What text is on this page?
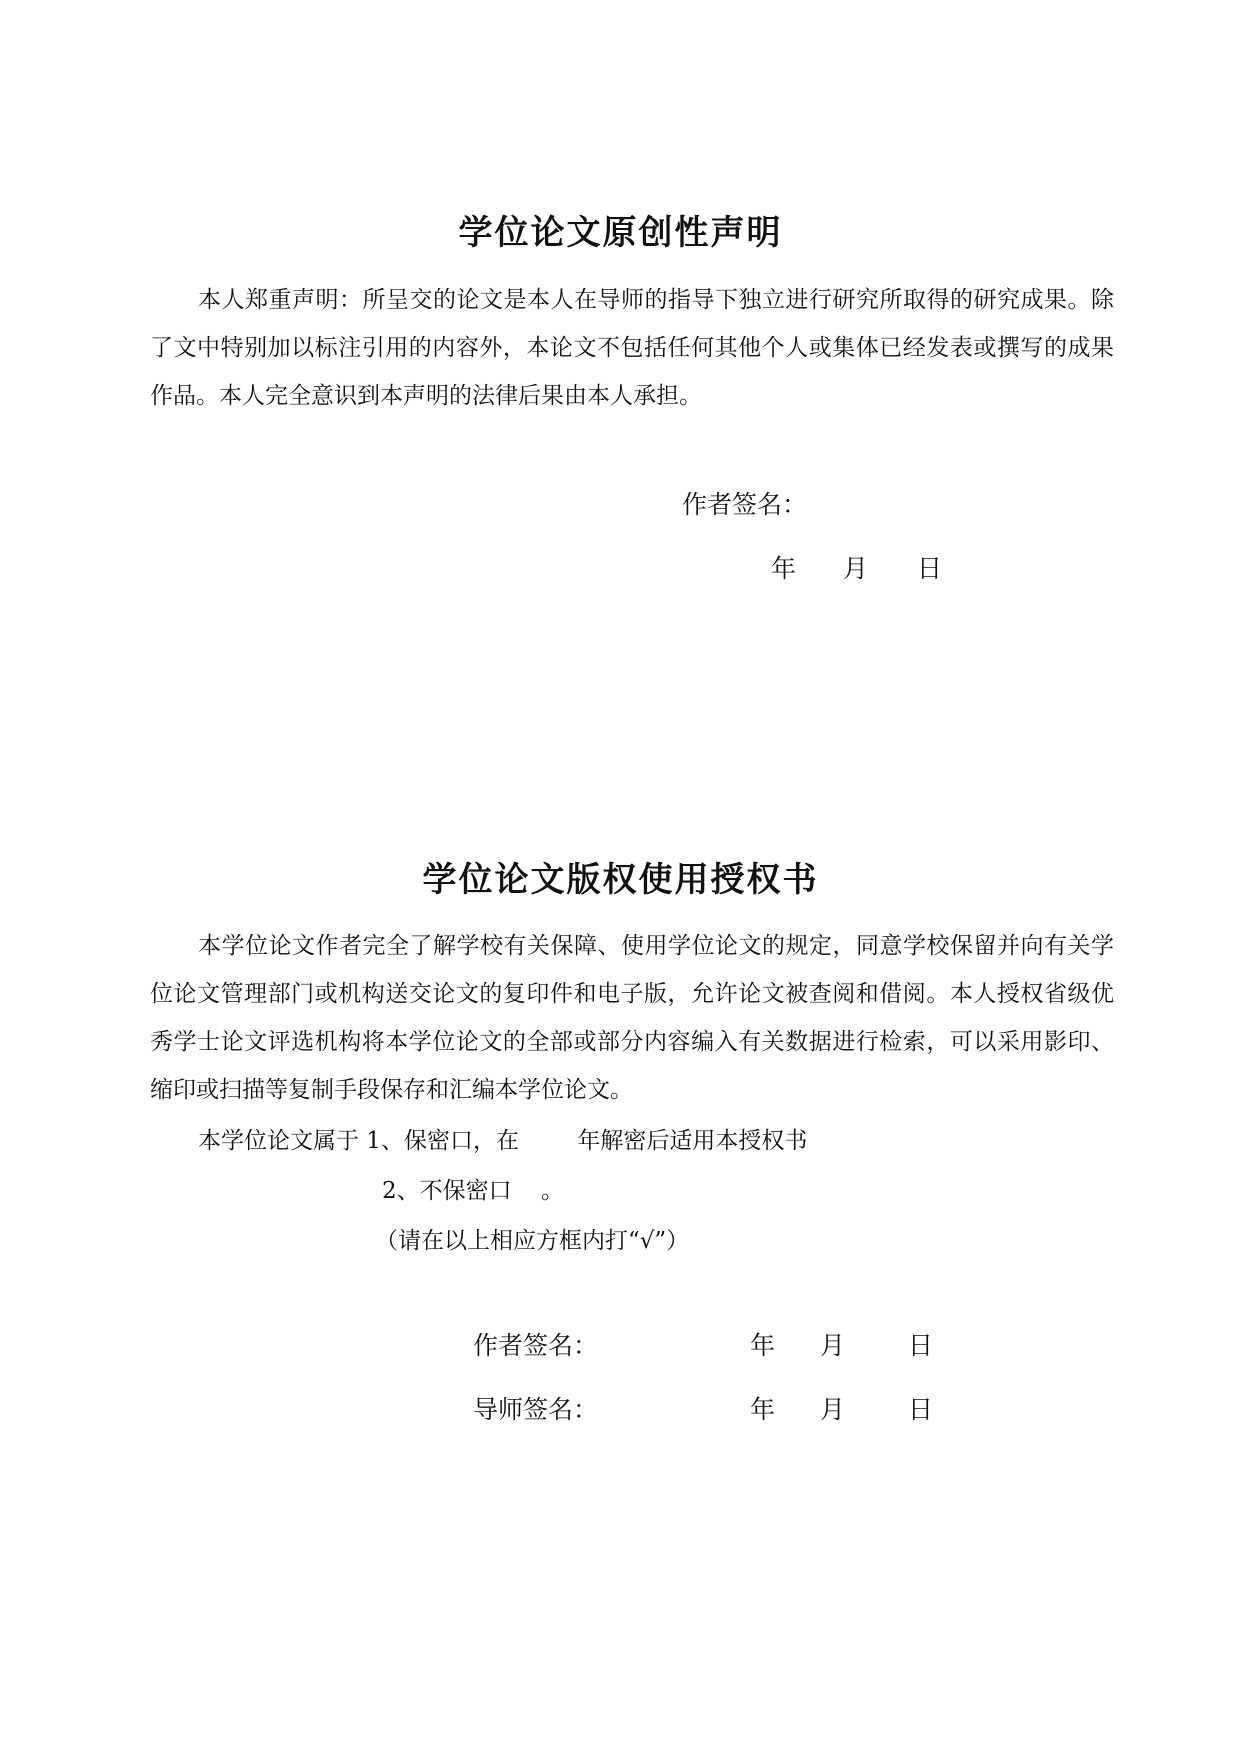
学位论文原创性声明
本人郑重声明：所呈交的论文是本人在导师的指导下独立进行研究所取得的研究成果。除了文中特别加以标注引用的内容外，本论文不包括任何其他个人或集体已经发表或撰写的成果作品。本人完全意识到本声明的法律后果由本人承担。
作者签名：
年 月 日
学位论文版权使用授权书
本学位论文作者完全了解学校有关保障、使用学位论文的规定，同意学校保留并向有关学位论文管理部门或机构送交论文的复印件和电子版，允许论文被查阅和借阅。本人授权省级优秀学士论文评选机构将本学位论文的全部或部分内容编入有关数据进行检索，可以采用影印、缩印或扫描等复制手段保存和汇编本学位论文。
本学位论文属于 1、保密口，在        年解密后适用本授权书
2、不保密口    。
（请在以上相应方框内打“√”）
作者签名：	年 月	日
导师签名：	年 月	日
